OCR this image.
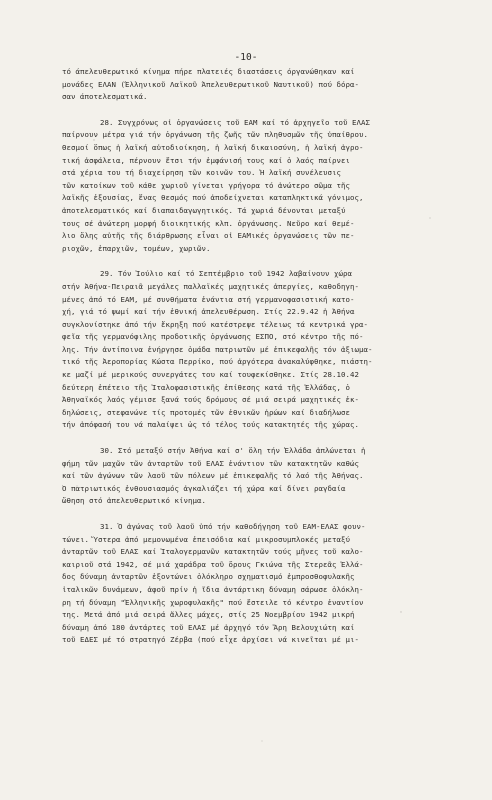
-10-
τό άπελευθερωτικό κίνημα πήρε πλατειές διαστάσεις όργανώθηκαν καί
μονάδες ΕΛΑΝ (Έλληνικοῦ Λαϊκοῦ Άπελευθερωτικοῦ Ναυτικοῦ) πού δόρα-
σαν άποτελεσματικά.
28. Συγχρόνως οἱ ὀργανώσεις τοῦ ΕΑΜ καί τό ἀρχηγεῖο τοῦ ΕΛΑΣ
παίρνουν μέτρα γιά τήν ὀργάνωση τῆς ζωῆς τῶν πληθυσμῶν τῆς ὑπαίθρου.
Θεσμοί ὅπως ἡ λαϊκή αὐτοδιοίκηση, ἡ λαϊκή δικαιοσύνη, ἡ λαϊκή ἀγρο-
τική ἀσφάλεια, πέρνουν ἔτσι τήν ἐμφάνισή τους καί ὁ λαός παίρνει
στά χέρια του τή διαχείρηση τῶν κοινῶν του. Ἡ λαϊκή συνέλευσις
τῶν κατοίκων τοῦ κάθε χωριοῦ γίνεται γρήγορα τό ἀνώτερο σῶμα τῆς
λαϊκῆς ἐξουσίας, ἕνας θεσμός πού ἀποδείχνεται καταπληκτικά γόνιμος,
ἀποτελεσματικός καί διαπαιδαγωγητικός. Τά χωριά δένονται μεταξύ
τους σέ ἀνώτερη μορφή διοικητικής κλπ. ὀργάνωσης. Νεῦρο καί θεμέ-
λιο ὅλης αὐτῆς τῆς διάρθρωσης εἶναι οἱ ΕΑΜικές ὀργανώσεις τῶν πε-
ριοχῶν, ἐπαρχιῶν, τομέων, χωριῶν.
29. Τόν Ἰούλιο καί τό Σεπτέμβριο τοῦ 1942 λαβαίνουν χώρα
στήν Ἀθήνα-Πειραιᾶ μεγάλες παλλαϊκές μαχητικές ἀπεργίες, καθοδηγη-
μένες ἀπό τό ΕΑΜ, μέ συνθήματα ἐνάντια στή γερμανοφασιστική κατο-
χή, γιά τό ψωμί καί τήν ἐθνική ἀπελευθέρωση. Στίς 22.9.42 ἡ Ἀθήνα
συγκλονίστηκε ἀπό τήν ἔκρηξη πού κατέστρεψε τέλειως τά κεντρικά γρα-
φεῖα τῆς γερμανόφιλης προδοτικῆς ὀργάνωσης ΕΣΠΟ, στό κέντρο τῆς πό-
λης. Τήν ἀντίποινα ἐνήργησε ὁμάδα πατριωτῶν μέ ἐπικεφαλῆς τόν ἀξιωμα-
τικό τῆς Ἀεροπορίας Κώστα Περρίκο, πού ἀργότερα ἀνακαλύφθηκε, πιάστη-
κε μαζί μέ μερικούς συνεργάτες του καί τουφεκίσθηκε. Στίς 28.10.42
δεύτερη ἐπέτειο τῆς Ἰταλοφασιστικῆς ἐπίθεσης κατά τῆς Ἑλλάδας, ὁ
Ἀθηναϊκός λαός γέμισε ξανά τούς δρόμους σέ μιά σειρά μαχητικές ἐκ-
δηλώσεις, στεφανώνε τίς προτομές τῶν ἐθνικῶν ἡρώων καί διαδήλωσε
τήν ἀπόφασή του νά παλαίψει ὡς τό τέλος τούς κατακτητές τῆς χώρας.
30. Στό μεταξύ στήν Ἀθήνα καί σ' ὅλη τήν Ἑλλάδα ἁπλώνεται ἡ
φήμη τῶν μαχῶν τῶν ἀνταρτῶν τοῦ ΕΛΑΣ ἐνάντιον τῶν κατακτητῶν καθώς
καί τῶν ἀγώνων τῶν λαοῦ τῶν πόλεων μέ ἐπικεφαλῆς τό λαό τῆς Ἀθήνας.
Ὁ πατριωτικός ἐνθουσιασμός ἀγκαλιάζει τή χώρα καί δίνει ραγδαία
ὤθηση στό ἀπελευθερωτικό κίνημα.
31. Ὁ ἀγώνας τοῦ λαοῦ ὑπό τήν καθοδήγηση τοῦ ΕΑΜ-ΕΛΑΣ φουν-
τώνει. Ὕστερα ἀπό μεμονωμένα ἐπεισόδια καί μικροσυμπλοκές μεταξύ
ἀνταρτῶν τοῦ ΕΛΑΣ καί Ἰταλογερμανῶν κατακτητῶν τούς μῆνες τοῦ καλο-
καιριοῦ στά 1942, σέ μιά χαράδρα τοῦ ὄρους Γκιώνα τῆς Στερεᾶς Ἑλλά-
δος δύναμη ἀνταρτῶν ἐξοντώνει ὁλόκληρο σχηματισμό ἐμπροσθοφυλακῆς
ἰταλικῶν δυνάμεων, ἀφοῦ πρίν ἡ ἴδια ἀντάρτικη δύναμη σάρωσε ὁλόκλη-
ρη τή δύναμη "Ἑλληνικῆς χωροφυλακῆς" πού ἔστειλε τό κέντρο ἐναντίον
της. Μετά ἀπό μιά σειρά ἄλλες μάχες, στίς 25 Νοεμβρίου 1942 μικρή
δύναμη ἀπό 180 ἀντάρτες τοῦ ΕΛΑΣ μέ ἀρχηγό τόν Ἄρη Βελουχιώτη καί
τοῦ ΕΔΕΣ μέ τό στρατηγό Ζέρβα (πού εἶχε ἀρχίσει νά κινεῖται μέ μι-
